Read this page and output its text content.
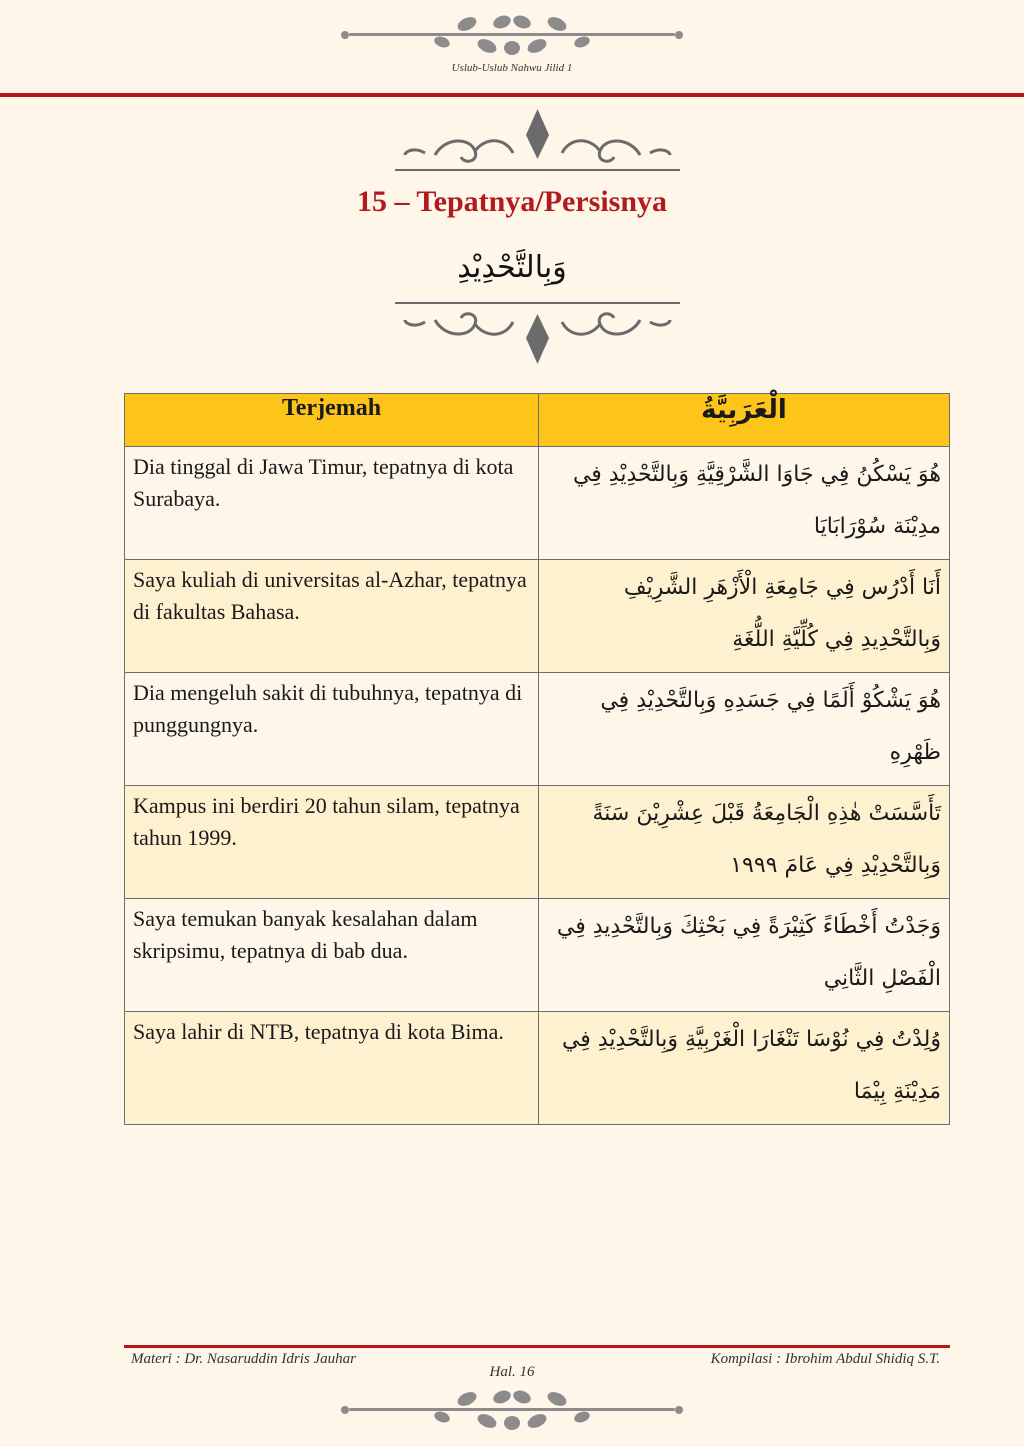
Uslub-Uslub Nahwu Jilid 1
15 – Tepatnya/Persisnya
وَبِالتَّحْدِيْدِ
Terjemah	الْعَرَبِيَّةُ
Dia tinggal di Jawa Timur, tepatnya di kota Surabaya.	هُوَ يَسْكُنُ فِي جَاوَا الشَّرْقِيَّةِ وَبِالتَّحْدِيْدِ فِي مدِيْنَة سُوْرَابَايَا
Saya kuliah di universitas al-Azhar, tepatnya di fakultas Bahasa.	أَنَا أَدْرُس فِي جَامِعَةِ الْأَزْهَرِ الشَّرِيْفِ وَبِالتَّحْدِيدِ فِي كُلِّيَّةِ اللُّغَةِ
Dia mengeluh sakit di tubuhnya, tepatnya di punggungnya.	هُوَ يَشْكُوْ أَلَمًا فِي جَسَدِهِ وَبِالتَّحْدِيْدِ فِي ظَهْرِهِ
Kampus ini berdiri 20 tahun silam, tepatnya tahun 1999.	تَأَسَّسَتْ هٰذِهِ الْجَامِعَةُ قَبْلَ عِشْرِيْنَ سَنَةً وَبِالتَّحْدِيْدِ فِي عَامَ ١٩٩٩
Saya temukan banyak kesalahan dalam skripsimu, tepatnya di bab dua.	وَجَدْتُ أَخْطَاءً كَثِيْرَةً فِي بَحْثِكَ وَبِالتَّحْدِيدِ فِي الْفَصْلِ الثَّانِي
Saya lahir di NTB, tepatnya di kota Bima.	وُلِدْتُ فِي نُوْسَا تَنْغَارَا الْغَرْبِيَّةِ وَبِالتَّحْدِيْدِ فِي مَدِيْنَةِ بِيْمَا
Materi : Dr. Nasaruddin Idris Jauhar	Kompilasi : Ibrohim Abdul Shidiq S.T.
Hal. 16
